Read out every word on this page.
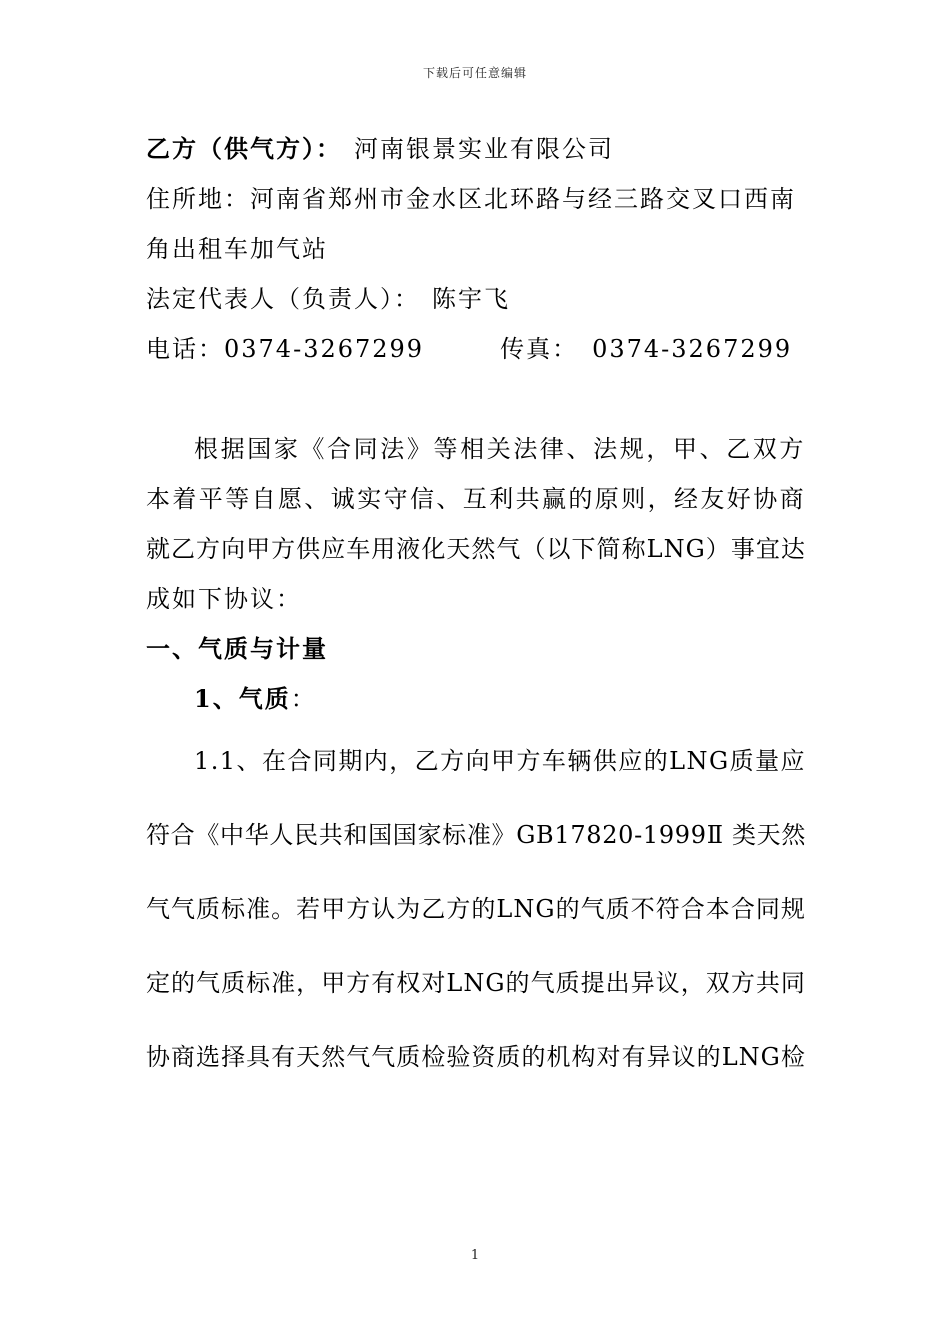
下载后可任意编辑
乙方（供气方）： 河南银景实业有限公司
住所地：河南省郑州市金水区北环路与经三路交叉口西南
角出租车加气站
法定代表人（负责人）： 陈宇飞
电话：0374-3267299	传真： 0374-3267299
根据国家《合同法》等相关法律、法规，甲、乙双方
本着平等自愿、诚实守信、互利共赢的原则，经友好协商
就乙方向甲方供应车用液化天然气（以下简称LNG）事宜达
成如下协议：
一、气质与计量
1、气质：
1.1、在合同期内，乙方向甲方车辆供应的LNG质量应
符合《中华人民共和国国家标准》GB17820-1999Ⅱ 类天然
气气质标准。若甲方认为乙方的LNG的气质不符合本合同规
定的气质标准，甲方有权对LNG的气质提出异议，双方共同
协商选择具有天然气气质检验资质的机构对有异议的LNG检
1
